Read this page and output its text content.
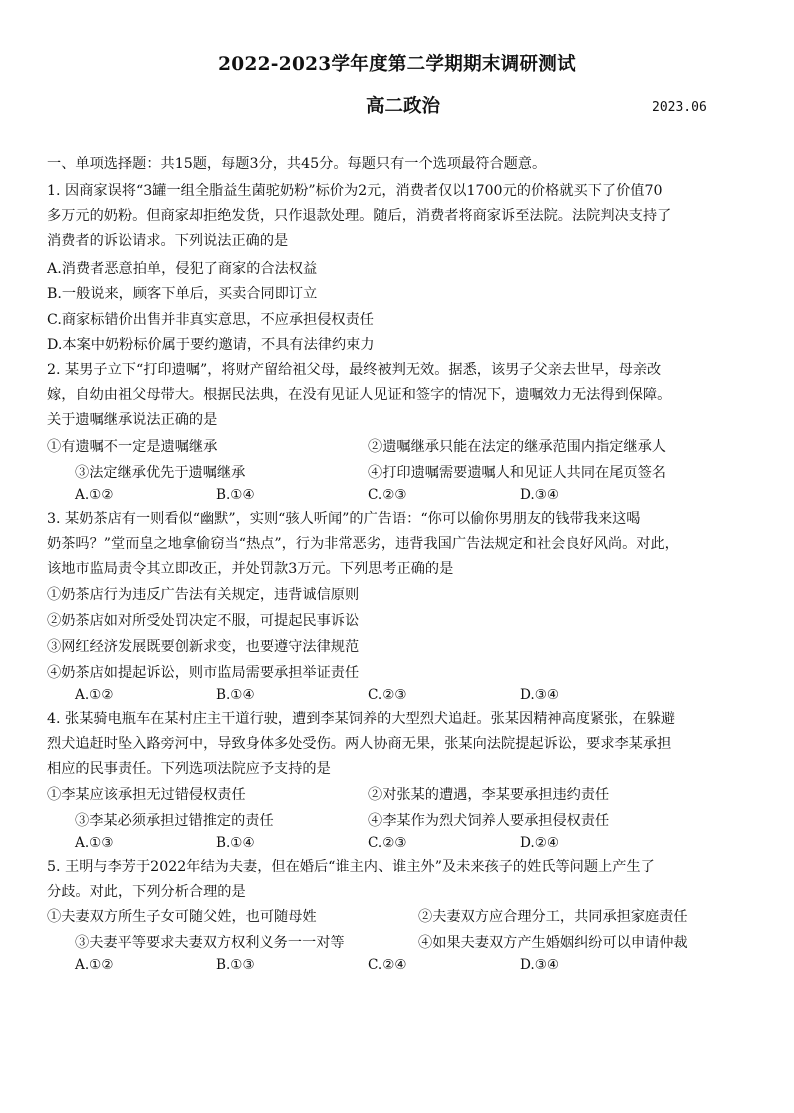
2022-2023学年度第二学期期末调研测试
高二政治	2023.06
一、单项选择题：共15题，每题3分，共45分。每题只有一个选项最符合题意。
1. 因商家误将“3罐一组全脂益生菌驼奶粉”标价为2元，消费者仅以1700元的价格就买下了价值70
多万元的奶粉。但商家却拒绝发货，只作退款处理。随后，消费者将商家诉至法院。法院判决支持了
消费者的诉讼请求。下列说法正确的是
A.消费者恶意拍单，侵犯了商家的合法权益
B.一般说来，顾客下单后，买卖合同即订立
C.商家标错价出售并非真实意思，不应承担侵权责任
D.本案中奶粉标价属于要约邀请，不具有法律约束力
2. 某男子立下“打印遗嘱”，将财产留给祖父母，最终被判无效。据悉，该男子父亲去世早，母亲改
嫁，自幼由祖父母带大。根据民法典，在没有见证人见证和签字的情况下，遗嘱效力无法得到保障。
关于遗嘱继承说法正确的是
①有遗嘱不一定是遗嘱继承	②遗嘱继承只能在法定的继承范围内指定继承人
③法定继承优先于遗嘱继承	④打印遗嘱需要遗嘱人和见证人共同在尾页签名
A.①②	B.①④	C.②③	D.③④
3. 某奶茶店有一则看似“幽默”，实则“骇人听闻”的广告语：“你可以偷你男朋友的钱带我来这喝
奶茶吗？”堂而皇之地拿偷窃当“热点”，行为非常恶劣，违背我国广告法规定和社会良好风尚。对此，
该地市监局责令其立即改正，并处罚款3万元。下列思考正确的是
①奶茶店行为违反广告法有关规定，违背诚信原则
②奶茶店如对所受处罚决定不服，可提起民事诉讼
③网红经济发展既要创新求变，也要遵守法律规范
④奶茶店如提起诉讼，则市监局需要承担举证责任
A.①②	B.①④	C.②③	D.③④
4. 张某骑电瓶车在某村庄主干道行驶，遭到李某饲养的大型烈犬追赶。张某因精神高度紧张，在躲避
烈犬追赶时坠入路旁河中，导致身体多处受伤。两人协商无果，张某向法院提起诉讼，要求李某承担
相应的民事责任。下列选项法院应予支持的是
①李某应该承担无过错侵权责任	②对张某的遭遇，李某要承担违约责任
③李某必须承担过错推定的责任	④李某作为烈犬饲养人要承担侵权责任
A.①③	B.①④	C.②③	D.②④
5. 王明与李芳于2022年结为夫妻，但在婚后“谁主内、谁主外”及未来孩子的姓氏等问题上产生了
分歧。对此，下列分析合理的是
①夫妻双方所生子女可随父姓，也可随母姓	②夫妻双方应合理分工，共同承担家庭责任
③夫妻平等要求夫妻双方权利义务一一对等	④如果夫妻双方产生婚姻纠纷可以申请仲裁
A.①②	B.①③	C.②④	D.③④
